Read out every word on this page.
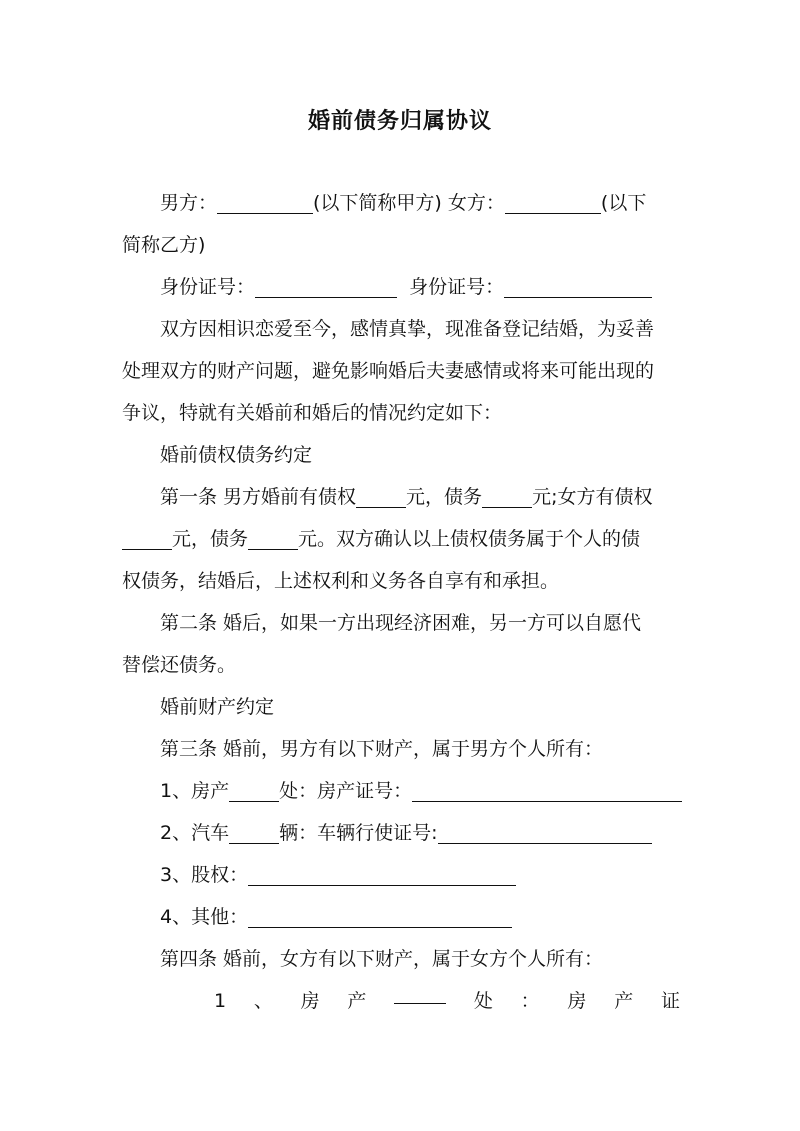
婚前债务归属协议
男方：	(以下简称甲方) 女方：	(以下
简称乙方)
身份证号：	身份证号：
双方因相识恋爱至今，感情真挚，现准备登记结婚，为妥善
处理双方的财产问题，避免影响婚后夫妻感情或将来可能出现的
争议，特就有关婚前和婚后的情况约定如下：
婚前债权债务约定
第一条 男方婚前有债权	元，债务	元;女方有债权
元，债务	元。双方确认以上债权债务属于个人的债
权债务，结婚后，上述权利和义务各自享有和承担。
第二条 婚后，如果一方出现经济困难，另一方可以自愿代
替偿还债务。
婚前财产约定
第三条 婚前，男方有以下财产，属于男方个人所有：
1、房产	处：房产证号：
2、汽车	辆：车辆行使证号:
3、股权：
4、其他：
第四条 婚前，女方有以下财产，属于女方个人所有：
1 、 房 产	处 ： 房 产 证
